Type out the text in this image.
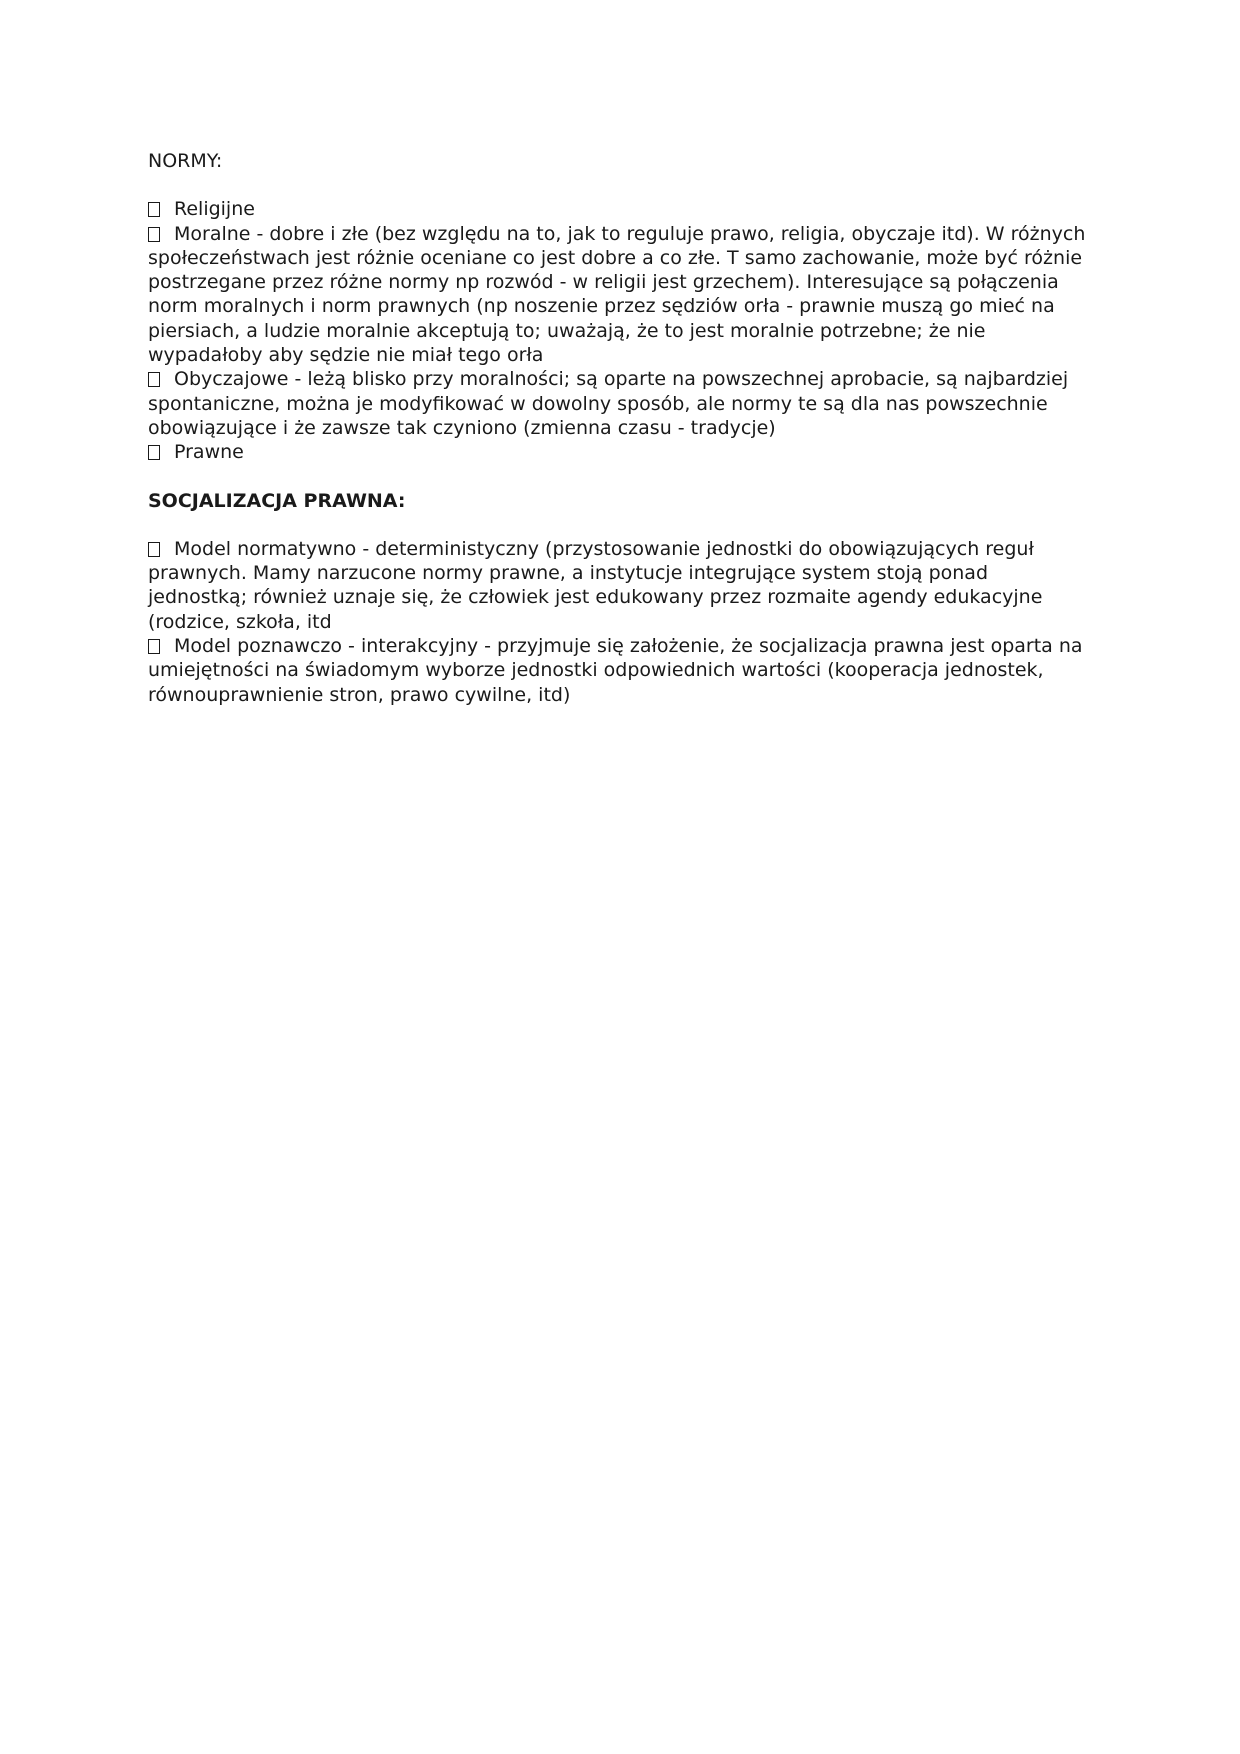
NORMY:

Religijne
Moralne - dobre i złe (bez względu na to, jak to reguluje prawo, religia, obyczaje itd). W różnych społeczeństwach jest różnie oceniane co jest dobre a co złe. T samo zachowanie, może być różnie postrzegane przez różne normy np rozwód - w religii jest grzechem). Interesujące są połączenia norm moralnych i norm prawnych (np noszenie przez sędziów orła - prawnie muszą go mieć na piersiach, a ludzie moralnie akceptują to; uważają, że to jest moralnie potrzebne; że nie wypadałoby aby sędzie nie miał tego orła
Obyczajowe - leżą blisko przy moralności; są oparte na powszechnej aprobacie, są najbardziej spontaniczne, można je modyfikować w dowolny sposób, ale normy te są dla nas powszechnie obowiązujące i że zawsze tak czyniono (zmienna czasu - tradycje)
Prawne

SOCJALIZACJA PRAWNA:

Model normatywno - deterministyczny (przystosowanie jednostki do obowiązujących reguł prawnych. Mamy narzucone normy prawne, a instytucje integrujące system stoją ponad jednostką; również uznaje się, że człowiek jest edukowany przez rozmaite agendy edukacyjne (rodzice, szkoła, itd
Model poznawczo - interakcyjny - przyjmuje się założenie, że socjalizacja prawna jest oparta na umiejętności na świadomym wyborze jednostki odpowiednich wartości (kooperacja jednostek, równouprawnienie stron, prawo cywilne, itd)
